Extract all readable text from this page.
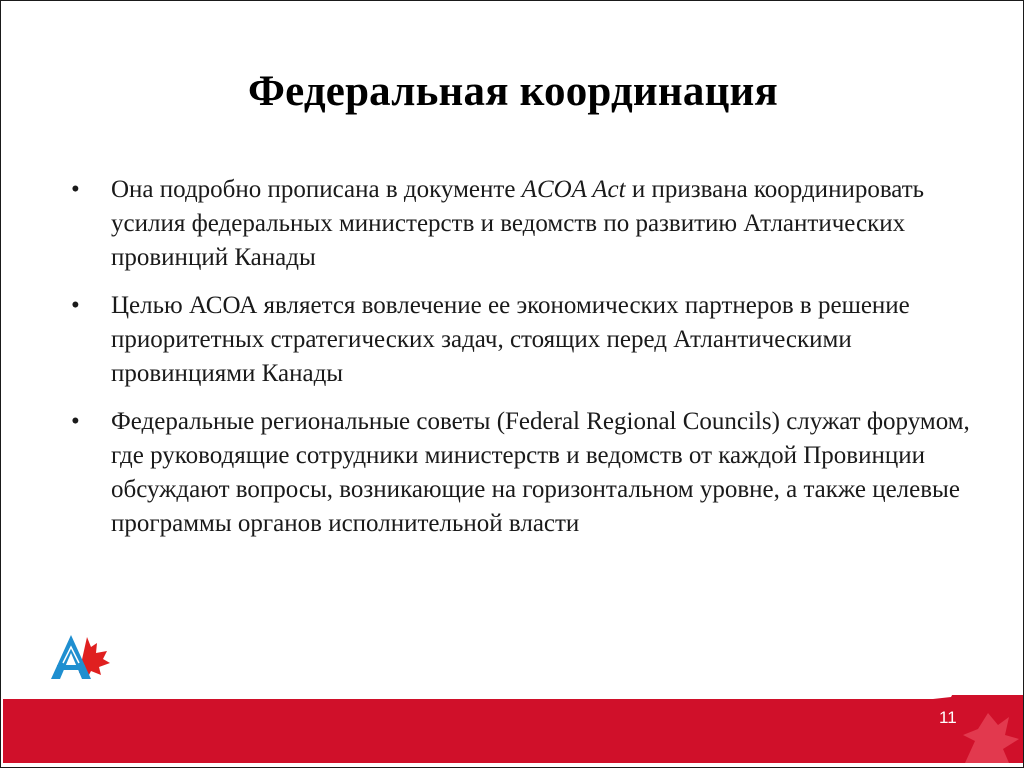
Федеральная координация
• Она подробно прописана в документе ACOA Act и призвана координировать усилия федеральных министерств и ведомств по развитию Атлантических провинций Канады
• Целью АСОА является вовлечение ее экономических партнеров в решение приоритетных стратегических задач, стоящих перед Атлантическими провинциями Канады
• Федеральные региональные советы (Federal Regional Councils) служат форумом, где руководящие сотрудники министерств и ведомств от каждой Провинции обсуждают вопросы, возникающие на горизонтальном уровне, а также целевые программы органов исполнительной власти
11
